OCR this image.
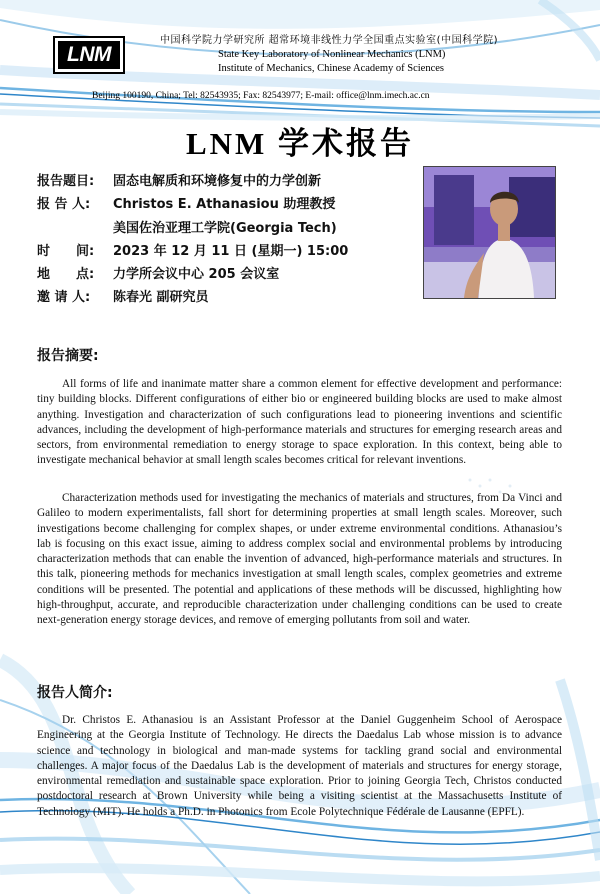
LNM
中国科学院力学研究所 超常环境非线性力学全国重点实验室(中国科学院)
State Key Laboratory of Nonlinear Mechanics (LNM)
Institute of Mechanics, Chinese Academy of Sciences
Beijing 100190, China; Tel: 82543935; Fax: 82543977; E-mail: office@lnm.imech.ac.cn
LNM 学术报告
报告题目: 固态电解质和环境修复中的力学创新
报 告 人: Christos E. Athanasiou 助理教授
美国佐治亚理工学院(Georgia Tech)
时　　间: 2023 年 12 月 11 日 (星期一) 15:00
地　　点: 力学所会议中心 205 会议室
邀 请 人: 陈春光 副研究员
报告摘要:

All forms of life and inanimate matter share a common element for effective development and performance: tiny building blocks. Different configurations of either bio or engineered building blocks are used to make almost anything. Investigation and characterization of such configurations lead to pioneering inventions and scientific advances, including the development of high-performance materials and structures for emerging research areas and sectors, from environmental remediation to energy storage to space exploration. In this context, being able to investigate mechanical behavior at small length scales becomes critical for relevant inventions.

Characterization methods used for investigating the mechanics of materials and structures, from Da Vinci and Galileo to modern experimentalists, fall short for determining properties at small length scales. Moreover, such investigations become challenging for complex shapes, or under extreme environmental conditions. Athanasiou’s lab is focusing on this exact issue, aiming to address complex social and environmental problems by introducing characterization methods that can enable the invention of advanced, high-performance materials and structures. In this talk, pioneering methods for mechanics investigation at small length scales, complex geometries and extreme conditions will be presented. The potential and applications of these methods will be discussed, highlighting how high-throughput, accurate, and reproducible characterization under challenging conditions can be used to create next-generation energy storage devices, and remove of emerging pollutants from soil and water.

报告人简介:

Dr. Christos E. Athanasiou is an Assistant Professor at the Daniel Guggenheim School of Aerospace Engineering at the Georgia Institute of Technology. He directs the Daedalus Lab whose mission is to advance science and technology in biological and man-made systems for tackling grand social and environmental challenges. A major focus of the Daedalus Lab is the development of materials and structures for energy storage, environmental remediation and sustainable space exploration. Prior to joining Georgia Tech, Christos conducted postdoctoral research at Brown University while being a visiting scientist at the Massachusetts Institute of Technology (MIT). He holds a Ph.D. in Photonics from Ecole Polytechnique Fédérale de Lausanne (EPFL).
